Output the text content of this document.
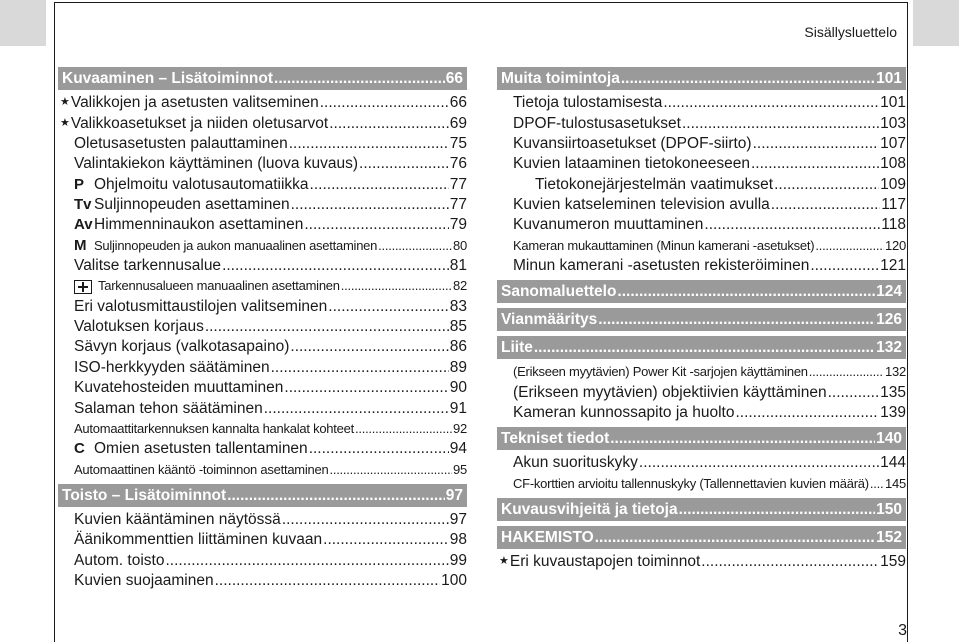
Sisällysluettelo
Kuvaaminen – Lisätoiminnot .....	66
★ Valikkojen ja asetusten valitseminen .....	66
★ Valikkoasetukset ja niiden oletusarvot .....	69
Oletusasetusten palauttaminen .....	75
Valintakiekon käyttäminen (luova kuvaus) .....	76
P Ohjelmoitu valotusautomatiikka .....	77
Tv Suljinnopeuden asettaminen .....	77
Av Himmenninaukon asettaminen .....	79
M Suljinnopeuden ja aukon manuaalinen asettaminen .....	80
Valitse tarkennusalue .....	81
Tarkennusalueen manuaalinen asettaminen .....	82
Eri valotusmittaustilojen valitseminen .....	83
Valotuksen korjaus .....	85
Sävyn korjaus (valkotasapaino) .....	86
ISO-herkkyyden säätäminen .....	89
Kuvatehosteiden muuttaminen .....	90
Salaman tehon säätäminen .....	91
Automaattitarkennuksen kannalta hankalat kohteet .....	92
C Omien asetusten tallentaminen .....	94
Automaattinen kääntö -toiminnon asettaminen .....	95
Toisto – Lisätoiminnot .....	97
Kuvien kääntäminen näytössä .....	97
Äänikommenttien liittäminen kuvaan .....	98
Autom. toisto .....	99
Kuvien suojaaminen .....	100
Muita toimintoja .....	101
Tietoja tulostamisesta .....	101
DPOF-tulostusasetukset .....	103
Kuvansiirtoasetukset (DPOF-siirto) .....	107
Kuvien lataaminen tietokoneeseen .....	108
Tietokonejärjestelmän vaatimukset .....	109
Kuvien katseleminen television avulla .....	117
Kuvanumeron muuttaminen .....	118
Kameran mukauttaminen (Minun kamerani -asetukset) .....	120
Minun kamerani -asetusten rekisteröiminen .....	121
Sanomaluettelo .....	124
Vianmääritys .....	126
Liite .....	132
(Erikseen myytävien) Power Kit -sarjojen käyttäminen .....	132
(Erikseen myytävien) objektiivien käyttäminen .....	135
Kameran kunnossapito ja huolto .....	139
Tekniset tiedot .....	140
Akun suorituskyky .....	144
CF-korttien arvioitu tallennuskyky (Tallennettavien kuvien määrä) ..... 145
Kuvausvihjeitä ja tietoja .....	150
HAKEMISTO .....	152
★ Eri kuvaustapojen toiminnot .....	159
3
